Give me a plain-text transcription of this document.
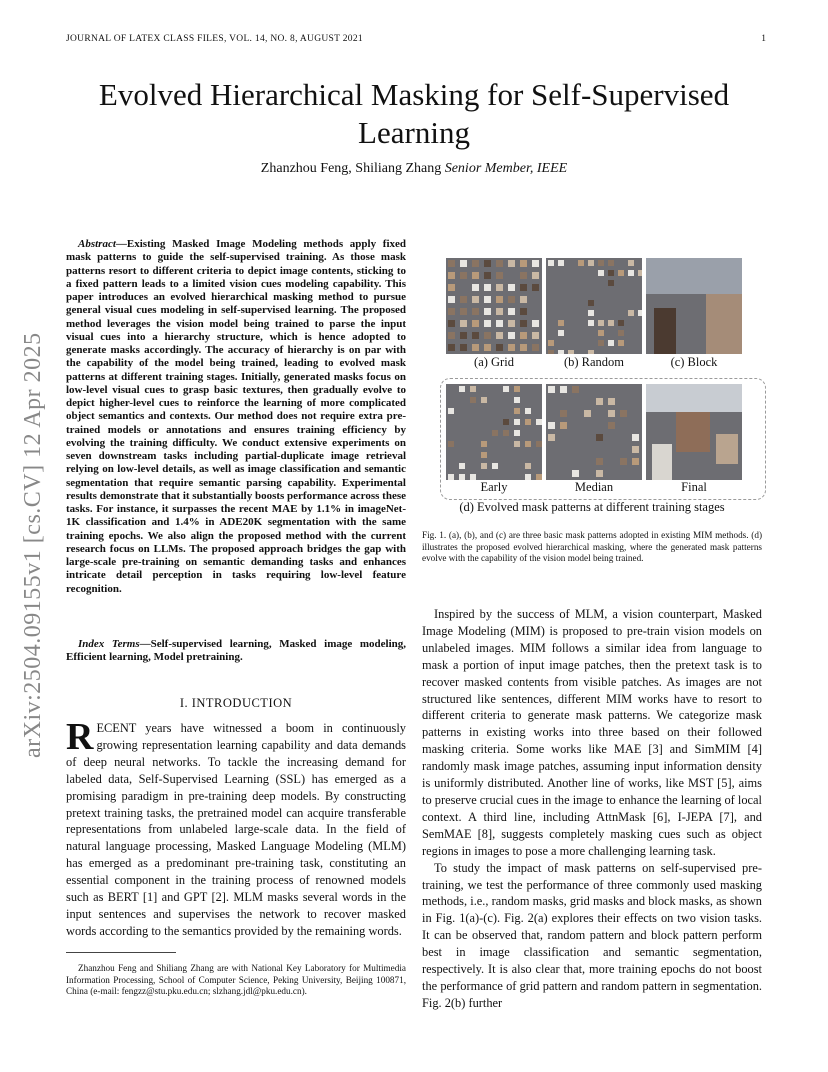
JOURNAL OF LATEX CLASS FILES, VOL. 14, NO. 8, AUGUST 2021	1
Evolved Hierarchical Masking for Self-Supervised Learning
Zhanzhou Feng, Shiliang Zhang Senior Member, IEEE
arXiv:2504.09155v1 [cs.CV] 12 Apr 2025
Abstract—Existing Masked Image Modeling methods apply fixed mask patterns to guide the self-supervised training. As those mask patterns resort to different criteria to depict image contents, sticking to a fixed pattern leads to a limited vision cues modeling capability. This paper introduces an evolved hierarchical masking method to pursue general visual cues modeling in self-supervised learning. The proposed method leverages the vision model being trained to parse the input visual cues into a hierarchy structure, which is hence adopted to generate masks accordingly. The accuracy of hierarchy is on par with the capability of the model being trained, leading to evolved mask patterns at different training stages. Initially, generated masks focus on low-level visual cues to grasp basic textures, then gradually evolve to depict higher-level cues to reinforce the learning of more complicated object semantics and contexts. Our method does not require extra pre-trained models or annotations and ensures training efficiency by evolving the training difficulty. We conduct extensive experiments on seven downstream tasks including partial-duplicate image retrieval relying on low-level details, as well as image classification and semantic segmentation that require semantic parsing capability. Experimental results demonstrate that it substantially boosts performance across these tasks. For instance, it surpasses the recent MAE by 1.1% in imageNet-1K classification and 1.4% in ADE20K segmentation with the same training epochs. We also align the proposed method with the current research focus on LLMs. The proposed approach bridges the gap with large-scale pre-training on semantic demanding tasks and enhances intricate detail perception in tasks requiring low-level feature recognition.
Index Terms—Self-supervised learning, Masked image modeling, Efficient learning, Model pretraining.
I. INTRODUCTION
RECENT years have witnessed a boom in continuously growing representation learning capability and data demands of deep neural networks. To tackle the increasing demand for labeled data, Self-Supervised Learning (SSL) has emerged as a promising paradigm in pre-training deep models. By constructing pretext training tasks, the pretrained model can acquire transferable representations from unlabeled large-scale data. In the field of natural language processing, Masked Language Modeling (MLM) has emerged as a predominant pre-training task, constituting an essential component in the training process of renowned models such as BERT [1] and GPT [2]. MLM masks several words in the input sentences and supervises the network to recover masked words according to the semantics provided by the remaining words.
Zhanzhou Feng and Shiliang Zhang are with National Key Laboratory for Multimedia Information Processing, School of Computer Science, Peking University, Beijing 100871, China (e-mail: fengzz@stu.pku.edu.cn; slzhang.jdl@pku.edu.cn).
(a) Grid	(b) Random	(c) Block
Early	Median	Final
(d) Evolved mask patterns at different training stages
Fig. 1. (a), (b), and (c) are three basic mask patterns adopted in existing MIM methods. (d) illustrates the proposed evolved hierarchical masking, where the generated mask patterns evolve with the capability of the vision model being trained.

Inspired by the success of MLM, a vision counterpart, Masked Image Modeling (MIM) is proposed to pre-train vision models on unlabeled images. MIM follows a similar idea from language to mask a portion of input image patches, then the pretext task is to recover masked contents from visible patches. As images are not structured like sentences, different MIM works have to resort to different criteria to generate mask patterns. We categorize mask patterns in existing works into three based on their followed masking criteria. Some works like MAE [3] and SimMIM [4] randomly mask image patches, assuming input information density is uniformly distributed. Another line of works, like MST [5], aims to preserve crucial cues in the image to enhance the learning of local context. A third line, including AttnMask [6], I-JEPA [7], and SemMAE [8], suggests completely masking cues such as object regions in images to pose a more challenging learning task.

To study the impact of mask patterns on self-supervised pre-training, we test the performance of three commonly used masking methods, i.e., random masks, grid masks and block masks, as shown in Fig. 1(a)-(c). Fig. 2(a) explores their effects on two vision tasks. It can be observed that, random pattern and block pattern perform best in image classification and semantic segmentation, respectively. It is also clear that, more training epochs do not boost the performance of grid pattern and random pattern in segmentation. Fig. 2(b) further
